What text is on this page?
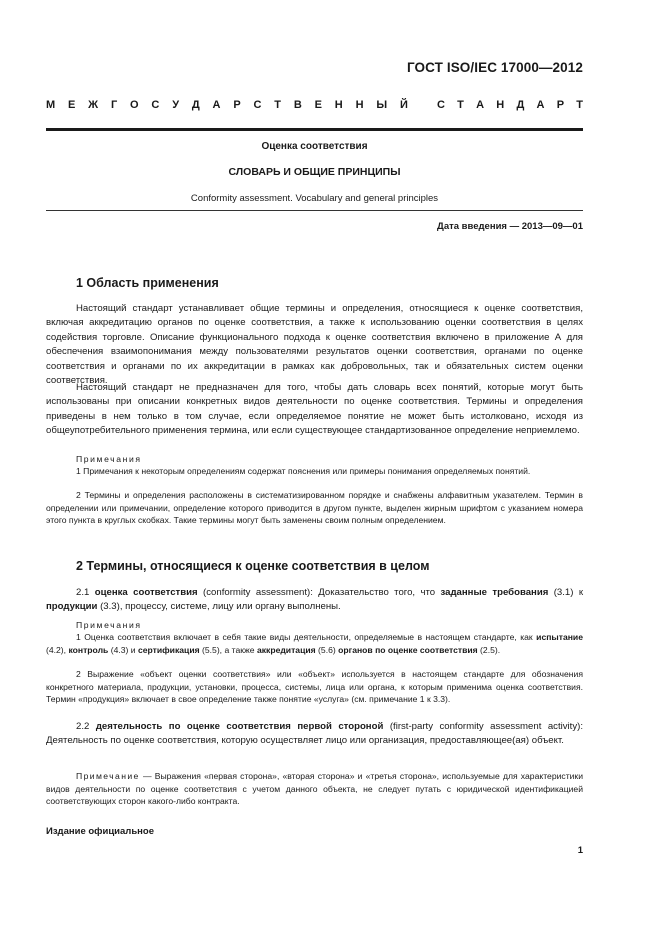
ГОСТ ISO/IEC 17000—2012
М Е Ж Г О С У Д А Р С Т В Е Н Н Ы Й	С Т А Н Д А Р Т
Оценка соответствия
СЛОВАРЬ И ОБЩИЕ ПРИНЦИПЫ
Conformity assessment. Vocabulary and general principles
Дата введения — 2013—09—01
1 Область применения
Настоящий стандарт устанавливает общие термины и определения, относящиеся к оценке соответствия, включая аккредитацию органов по оценке соответствия, а также к использованию оценки соответствия в целях содействия торговле. Описание функционального подхода к оценке соответствия включено в приложение А для обеспечения взаимопонимания между пользователями результатов оценки соответствия, органами по оценке соответствия и органами по их аккредитации в рамках как добровольных, так и обязательных систем оценки соответствия.
Настоящий стандарт не предназначен для того, чтобы дать словарь всех понятий, которые могут быть использованы при описании конкретных видов деятельности по оценке соответствия. Термины и определения приведены в нем только в том случае, если определяемое понятие не может быть истолковано, исходя из общеупотребительного применения термина, или если существующее стандартизованное определение неприемлемо.
Примечания
1 Примечания к некоторым определениям содержат пояснения или примеры понимания определяемых понятий.
2 Термины и определения расположены в систематизированном порядке и снабжены алфавитным указателем. Термин в определении или примечании, определение которого приводится в другом пункте, выделен жирным шрифтом с указанием номера этого пункта в круглых скобках. Такие термины могут быть заменены своим полным определением.
2 Термины, относящиеся к оценке соответствия в целом
2.1 оценка соответствия (conformity assessment): Доказательство того, что заданные требования (3.1) к продукции (3.3), процессу, системе, лицу или органу выполнены.
Примечания
1 Оценка соответствия включает в себя такие виды деятельности, определяемые в настоящем стандарте, как испытание (4.2), контроль (4.3) и сертификация (5.5), а также аккредитация (5.6) органов по оценке соответствия (2.5).
2 Выражение «объект оценки соответствия» или «объект» используется в настоящем стандарте для обозначения конкретного материала, продукции, установки, процесса, системы, лица или органа, к которым применима оценка соответствия. Термин «продукция» включает в свое определение также понятие «услуга» (см. примечание 1 к 3.3).
2.2 деятельность по оценке соответствия первой стороной (first-party conformity assessment activity): Деятельность по оценке соответствия, которую осуществляет лицо или организация, предоставляющее(ая) объект.
Примечание — Выражения «первая сторона», «вторая сторона» и «третья сторона», используемые для характеристики видов деятельности по оценке соответствия с учетом данного объекта, не следует путать с юридической идентификацией соответствующих сторон какого-либо контракта.
Издание официальное
1
